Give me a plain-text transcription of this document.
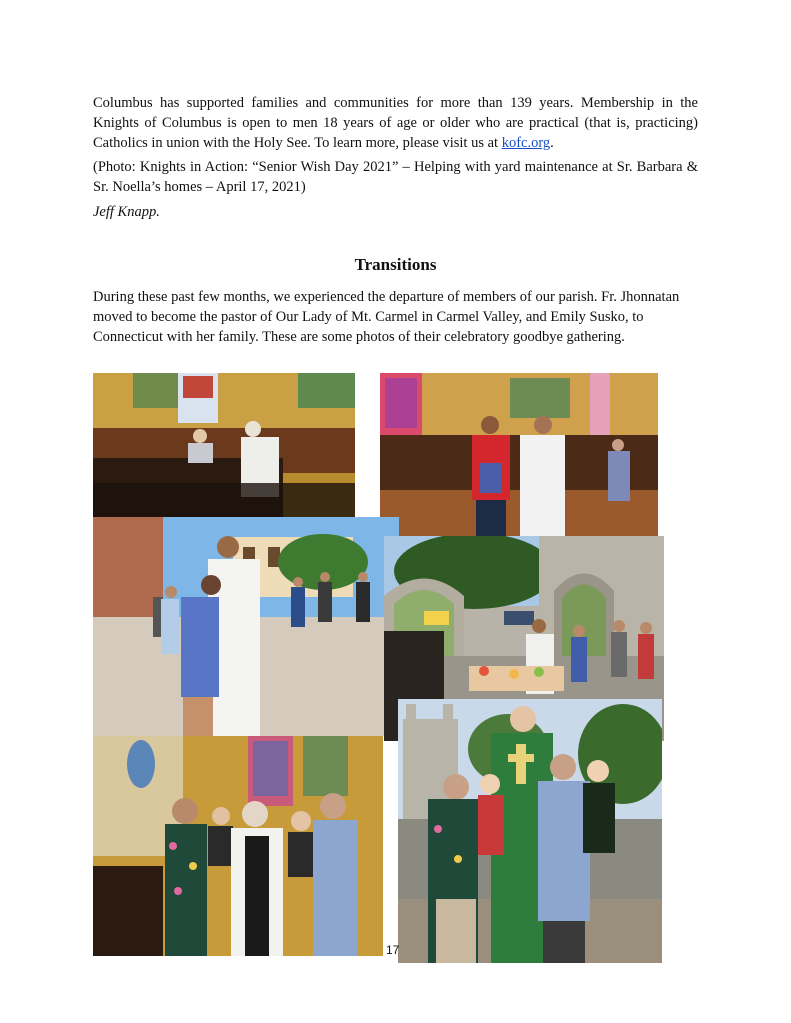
Columbus has supported families and communities for more than 139 years. Membership in the Knights of Columbus is open to men 18 years of age or older who are practical (that is, practicing) Catholics in union with the Holy See. To learn more, please visit us at kofc.org.

(Photo: Knights in Action: “Senior Wish Day 2021” – Helping with yard maintenance at Sr. Barbara & Sr. Noella’s homes – April 17, 2021)

Jeff Knapp.

Transitions

During these past few months, we experienced the departure of members of our parish. Fr. Jhonnatan moved to become the pastor of Our Lady of Mt. Carmel in Carmel Valley, and Emily Susko, to Connecticut with her family. These are some photos of their celebratory goodbye gathering.

17
